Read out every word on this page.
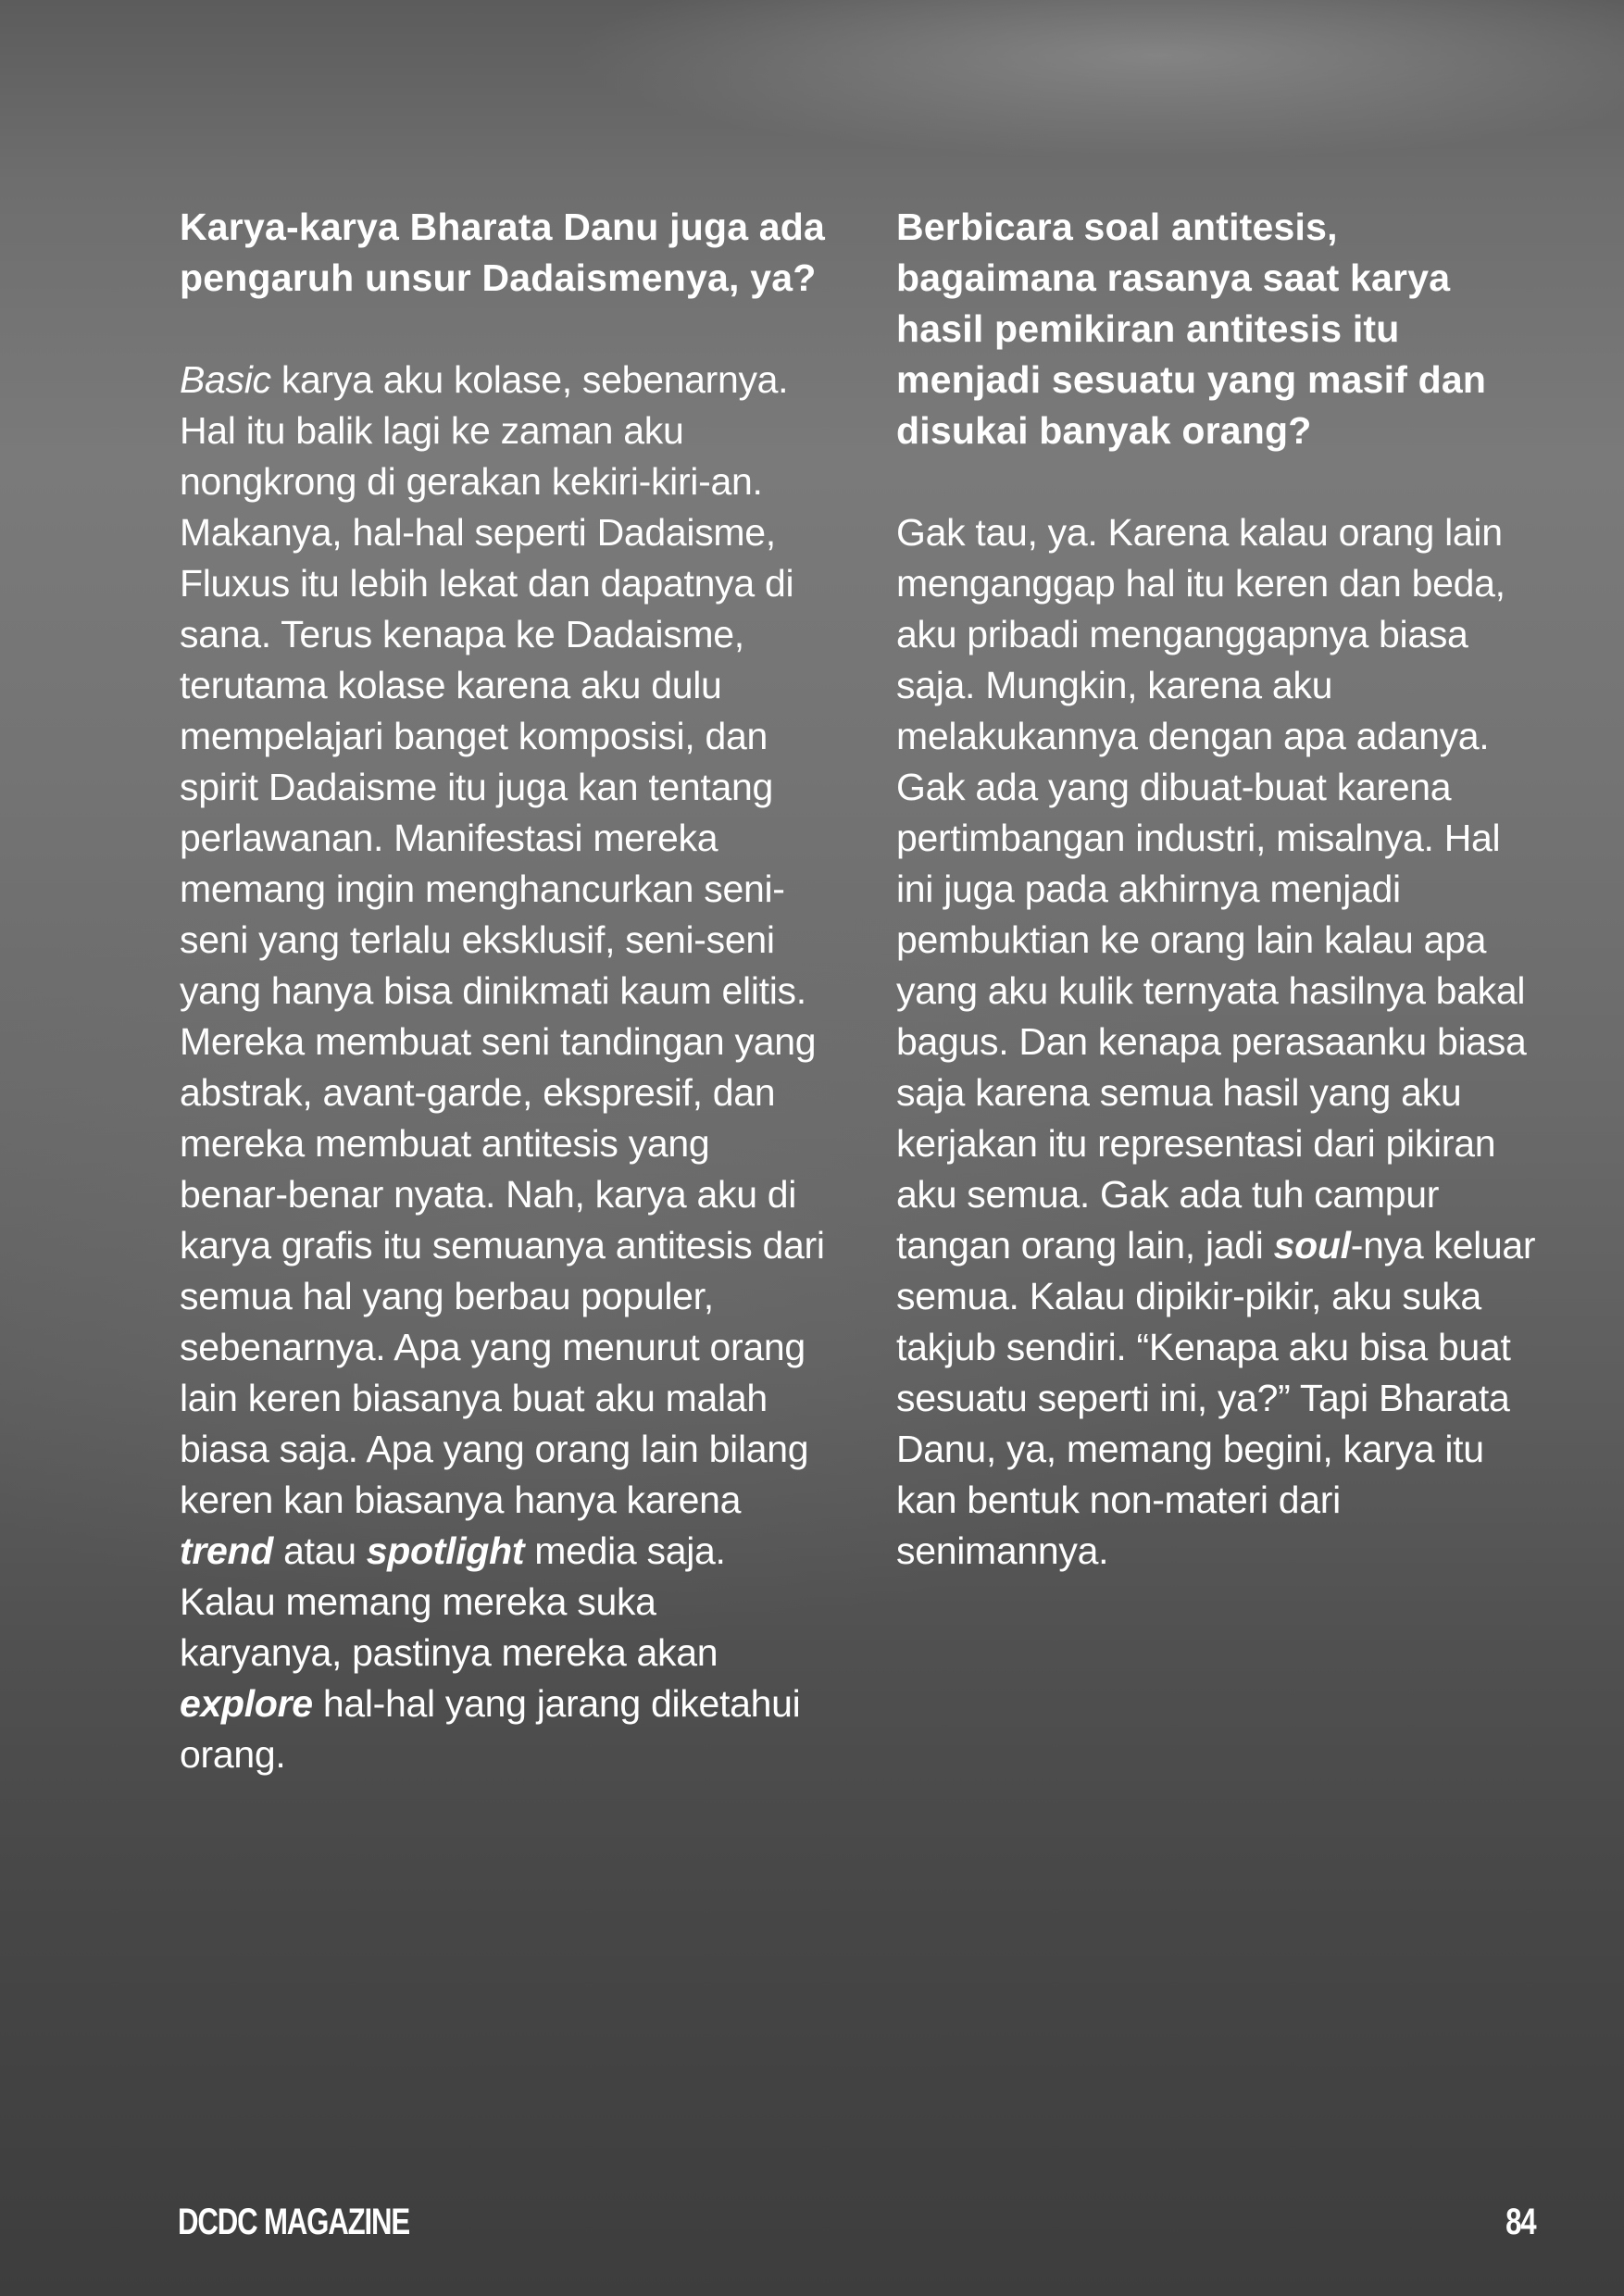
Karya-karya Bharata Danu juga ada pengaruh unsur Dadaismenya, ya?

Basic karya aku kolase, sebenarnya. Hal itu balik lagi ke zaman aku nongkrong di gerakan kekiri-kiri-an. Makanya, hal-hal seperti Dadaisme, Fluxus itu lebih lekat dan dapatnya di sana. Terus kenapa ke Dadaisme, terutama kolase karena aku dulu mempelajari banget komposisi, dan spirit Dadaisme itu juga kan tentang perlawanan. Manifestasi mereka memang ingin menghancurkan seni-seni yang terlalu eksklusif, seni-seni yang hanya bisa dinikmati kaum elitis. Mereka membuat seni tandingan yang abstrak, avant-garde, ekspresif, dan mereka membuat antitesis yang benar-benar nyata. Nah, karya aku di karya grafis itu semuanya antitesis dari semua hal yang berbau populer, sebenarnya. Apa yang menurut orang lain keren biasanya buat aku malah biasa saja. Apa yang orang lain bilang keren kan biasanya hanya karena trend atau spotlight media saja. Kalau memang mereka suka karyanya, pastinya mereka akan explore hal-hal yang jarang diketahui orang.

Berbicara soal antitesis, bagaimana rasanya saat karya hasil pemikiran antitesis itu menjadi sesuatu yang masif dan disukai banyak orang?

Gak tau, ya. Karena kalau orang lain menganggap hal itu keren dan beda, aku pribadi menganggapnya biasa saja. Mungkin, karena aku melakukannya dengan apa adanya. Gak ada yang dibuat-buat karena pertimbangan industri, misalnya. Hal ini juga pada akhirnya menjadi pembuktian ke orang lain kalau apa yang aku kulik ternyata hasilnya bakal bagus. Dan kenapa perasaanku biasa saja karena semua hasil yang aku kerjakan itu representasi dari pikiran aku semua. Gak ada tuh campur tangan orang lain, jadi soul-nya keluar semua. Kalau dipikir-pikir, aku suka takjub sendiri. “Kenapa aku bisa buat sesuatu seperti ini, ya?” Tapi Bharata Danu, ya, memang begini, karya itu kan bentuk non-materi dari senimannya.

DCDC MAGAZINE	84
